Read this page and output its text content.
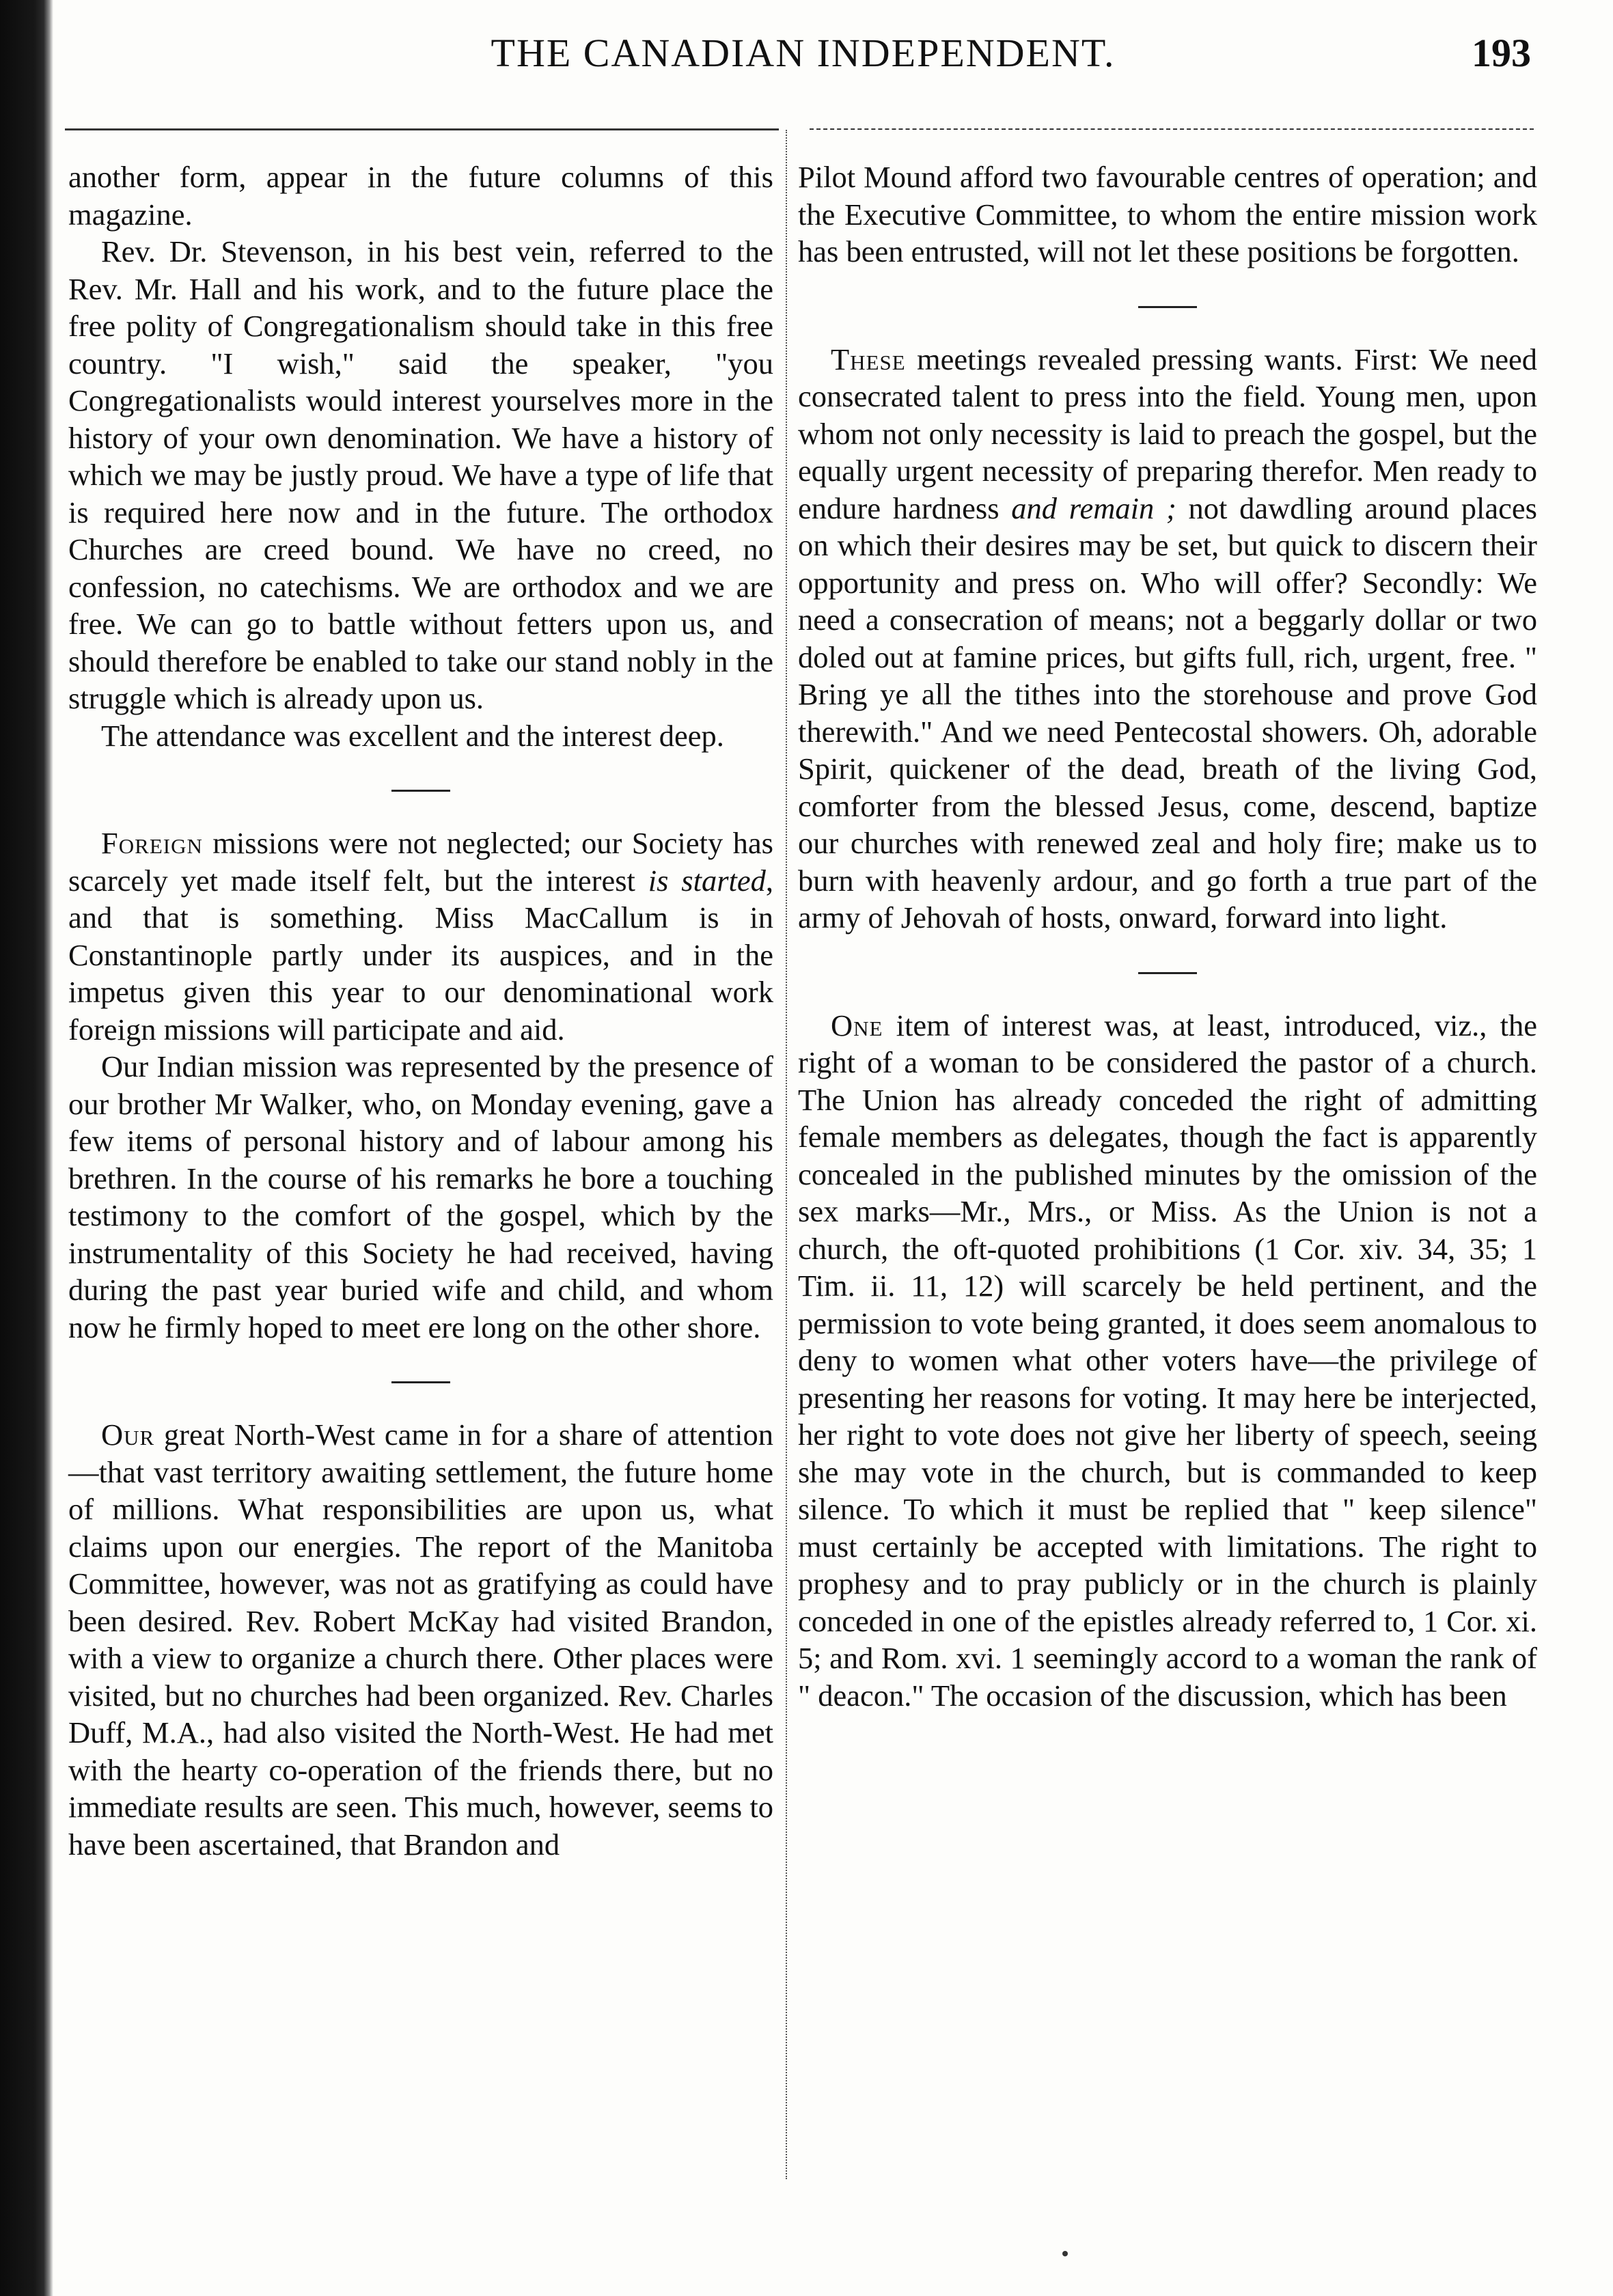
THE CANADIAN INDEPENDENT.	193

another form, appear in the future columns of this magazine.

Rev. Dr. Stevenson, in his best vein, referred to the Rev. Mr. Hall and his work, and to the future place the free polity of Congregationalism should take in this free country. "I wish," said the speaker, "you Congregationalists would interest yourselves more in the history of your own denomination. We have a history of which we may be justly proud. We have a type of life that is required here now and in the future. The orthodox Churches are creed bound. We have no creed, no confession, no catechisms. We are orthodox and we are free. We can go to battle without fetters upon us, and should therefore be enabled to take our stand nobly in the struggle which is already upon us.

The attendance was excellent and the interest deep.

Foreign missions were not neglected; our Society has scarcely yet made itself felt, but the interest is started, and that is something. Miss MacCallum is in Constantinople partly under its auspices, and in the impetus given this year to our denominational work foreign missions will participate and aid.

Our Indian mission was represented by the presence of our brother Mr Walker, who, on Monday evening, gave a few items of personal history and of labour among his brethren. In the course of his remarks he bore a touching testimony to the comfort of the gospel, which by the instrumentality of this Society he had received, having during the past year buried wife and child, and whom now he firmly hoped to meet ere long on the other shore.

Our great North-West came in for a share of attention—that vast territory awaiting settlement, the future home of millions. What responsibilities are upon us, what claims upon our energies. The report of the Manitoba Committee, however, was not as gratifying as could have been desired. Rev. Robert McKay had visited Brandon, with a view to organize a church there. Other places were visited, but no churches had been organized. Rev. Charles Duff, M.A., had also visited the North-West. He had met with the hearty co-operation of the friends there, but no immediate results are seen. This much, however, seems to have been ascertained, that Brandon and

Pilot Mound afford two favourable centres of operation; and the Executive Committee, to whom the entire mission work has been entrusted, will not let these positions be forgotten.

These meetings revealed pressing wants. First: We need consecrated talent to press into the field. Young men, upon whom not only necessity is laid to preach the gospel, but the equally urgent necessity of preparing therefor. Men ready to endure hardness and remain ; not dawdling around places on which their desires may be set, but quick to discern their opportunity and press on. Who will offer? Secondly: We need a consecration of means; not a beggarly dollar or two doled out at famine prices, but gifts full, rich, urgent, free. " Bring ye all the tithes into the storehouse and prove God therewith." And we need Pentecostal showers. Oh, adorable Spirit, quickener of the dead, breath of the living God, comforter from the blessed Jesus, come, descend, baptize our churches with renewed zeal and holy fire; make us to burn with heavenly ardour, and go forth a true part of the army of Jehovah of hosts, onward, forward into light.

One item of interest was, at least, introduced, viz., the right of a woman to be considered the pastor of a church. The Union has already conceded the right of admitting female members as delegates, though the fact is apparently concealed in the published minutes by the omission of the sex marks—Mr., Mrs., or Miss. As the Union is not a church, the oft-quoted prohibitions (1 Cor. xiv. 34, 35; 1 Tim. ii. 11, 12) will scarcely be held pertinent, and the permission to vote being granted, it does seem anomalous to deny to women what other voters have—the privilege of presenting her reasons for voting. It may here be interjected, her right to vote does not give her liberty of speech, seeing she may vote in the church, but is commanded to keep silence. To which it must be replied that " keep silence" must certainly be accepted with limitations. The right to prophesy and to pray publicly or in the church is plainly conceded in one of the epistles already referred to, 1 Cor. xi. 5; and Rom. xvi. 1 seemingly accord to a woman the rank of " deacon." The occasion of the discussion, which has been
